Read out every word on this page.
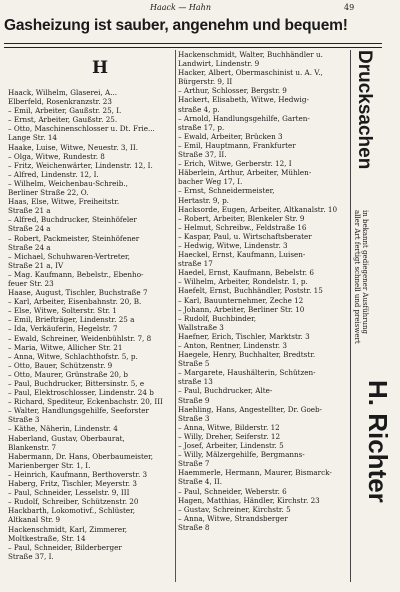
Haack — Hahn	49
Gasheizung ist sauber, angenehm und bequem!
H
Haack, Wilhelm, Glaserei, A...
Elberfeld, Rosenkranzstr. 23
– Emil, Arbeiter, Gaußstr. 25, I.
– Ernst, Arbeiter, Gaußstr. 25.
– Otto, Maschinenschlosser u. Dt. Frie...
Lange Str. 14
Haake, Luise, Witwe, Neuestr. 3, II.
– Olga, Witwe, Rundestr. 8
– Fritz, Weichenwärter, Lindenstr. 12, I.
– Alfred, Lindenstr. 12, I.
– Wilhelm, Weichenbau-Schreib.,
Berliner Straße 22, O.
Haas, Else, Witwe, Freiheitstr.
Straße 21 a
– Alfred, Buchdrucker, Steinhöfeler
Straße 24 a
– Robert, Packmeister, Steinhöfener
Straße 24 a
– Michael, Schuhwaren-Vertreter,
Straße 21 a, IV
– Mag. Kaufmann, Bebelstr., Ebenho-
feuer Str. 23
Haase, August, Tischler, Buchstraße 7
– Karl, Arbeiter, Eisenbahnstr. 20, B.
– Else, Witwe, Solterstr. Str. 1
– Emil, Briefträger, Lindenstr. 25 a
– Ida, Verkäuferin, Hegelstr. 7
– Ewald, Schreiner, Weidenbühlstr. 7, 8
– Maria, Witwe, Allicher Str. 21
– Anna, Witwe, Schlachthofstr. 5, p.
– Otto, Bauer, Schützenstr. 9
– Otto, Maurer, Grünstraße 20, b
– Paul, Buchdrucker, Bittersinstr. 5, e
– Paul, Elektroschlosser, Lindenstr. 24 b
– Richard, Spediteur, Eckenbachstr. 20, III
– Walter, Handlungsgehilfe, Seeforster
Straße 3
– Käthe, Näherin, Lindenstr. 4
Haberland, Gustav, Oberbaurat,
Blankenstr. 7
Habermann, Dr. Hans, Oberbaumeister,
Marienberger Str. 1, I.
– Heinrich, Kaufmann, Berthoverstr. 3
Haberg, Fritz, Tischler, Meyerstr. 3
– Paul, Schneider, Lesselstr. 9, III
– Rudolf, Schreiber, Schützenstr. 20
Hackbarth, Lokomotivf., Schlüster,
Altkanal Str. 9
Hackenschmidt, Karl, Zimmerer,
Moltkestraße, Str. 14
– Paul, Schneider, Bilderberger
Straße 37, I.
Hackenschmidt, Walter, Buchhändler u.
Landwirt, Lindenstr. 9
Hacker, Albert, Obermaschinist u. A. V.,
Bürgerstr. 9, II
– Arthur, Schlosser, Bergstr. 9
Hackert, Elisabeth, Witwe, Hedwig-
straße 4, p.
– Arnold, Handlungsgehilfe, Garten-
straße 17, p.
– Ewald, Arbeiter, Brücken 3
– Emil, Hauptmann, Frankfurter
Straße 37, II.
– Erich, Witwe, Gerberstr. 12, I
Häberlein, Arthur, Arbeiter, Mühlen-
bacher Weg 17, I.
– Ernst, Schneidermeister,
Hertastr. 9, p.
Hacksorde, Eugen, Arbeiter, Altkanalstr. 10
– Robert, Arbeiter, Blenkeler Str. 9
– Helmut, Schreibw., Feldstraße 16
– Kaspar, Paul, u. Wirtschaftsberater
– Hedwig, Witwe, Lindenstr. 3
Haeckel, Ernst, Kaufmann, Luisen-
straße 17
Haedel, Ernst, Kaufmann, Bebelstr. 6
– Wilhelm, Arbeiter, Rondelstr. 1, p.
Haefelt, Ernst, Buchhändler, Poststr. 15
– Karl, Bauunternehmer, Zeche 12
– Johann, Arbeiter, Berliner Str. 10
– Rudolf, Buchbinder,
Wallstraße 3
Haefner, Erich, Tischler, Marktstr. 3
– Anton, Rentner, Lindenstr. 3
Haegele, Henry, Buchhalter, Bredtstr.
Straße 5
– Margarete, Haushälterin, Schützen-
straße 13
– Paul, Buchdrucker, Alte-
Straße 9
Haehling, Hans, Angestellter, Dr. Goeb-
Straße 3
– Anna, Witwe, Bilderstr. 12
– Willy, Dreher, Seiferstr. 12
– Josef, Arbeiter, Lindenstr. 5
– Willy, Mälzergehilfe, Bergmanns-
Straße 7
Haemmerle, Hermann, Maurer, Bismarck-
Straße 4, II.
– Paul, Schneider, Weberstr. 6
Hagen, Matthias, Händler, Kirchstr. 23
– Gustav, Schreiner, Kirchstr. 5
– Anna, Witwe, Strandsberger
Straße 8
Drucksachen
aller Art fertigt schnell und preiswert in bekannt gediegener Ausführung
H. Richter
